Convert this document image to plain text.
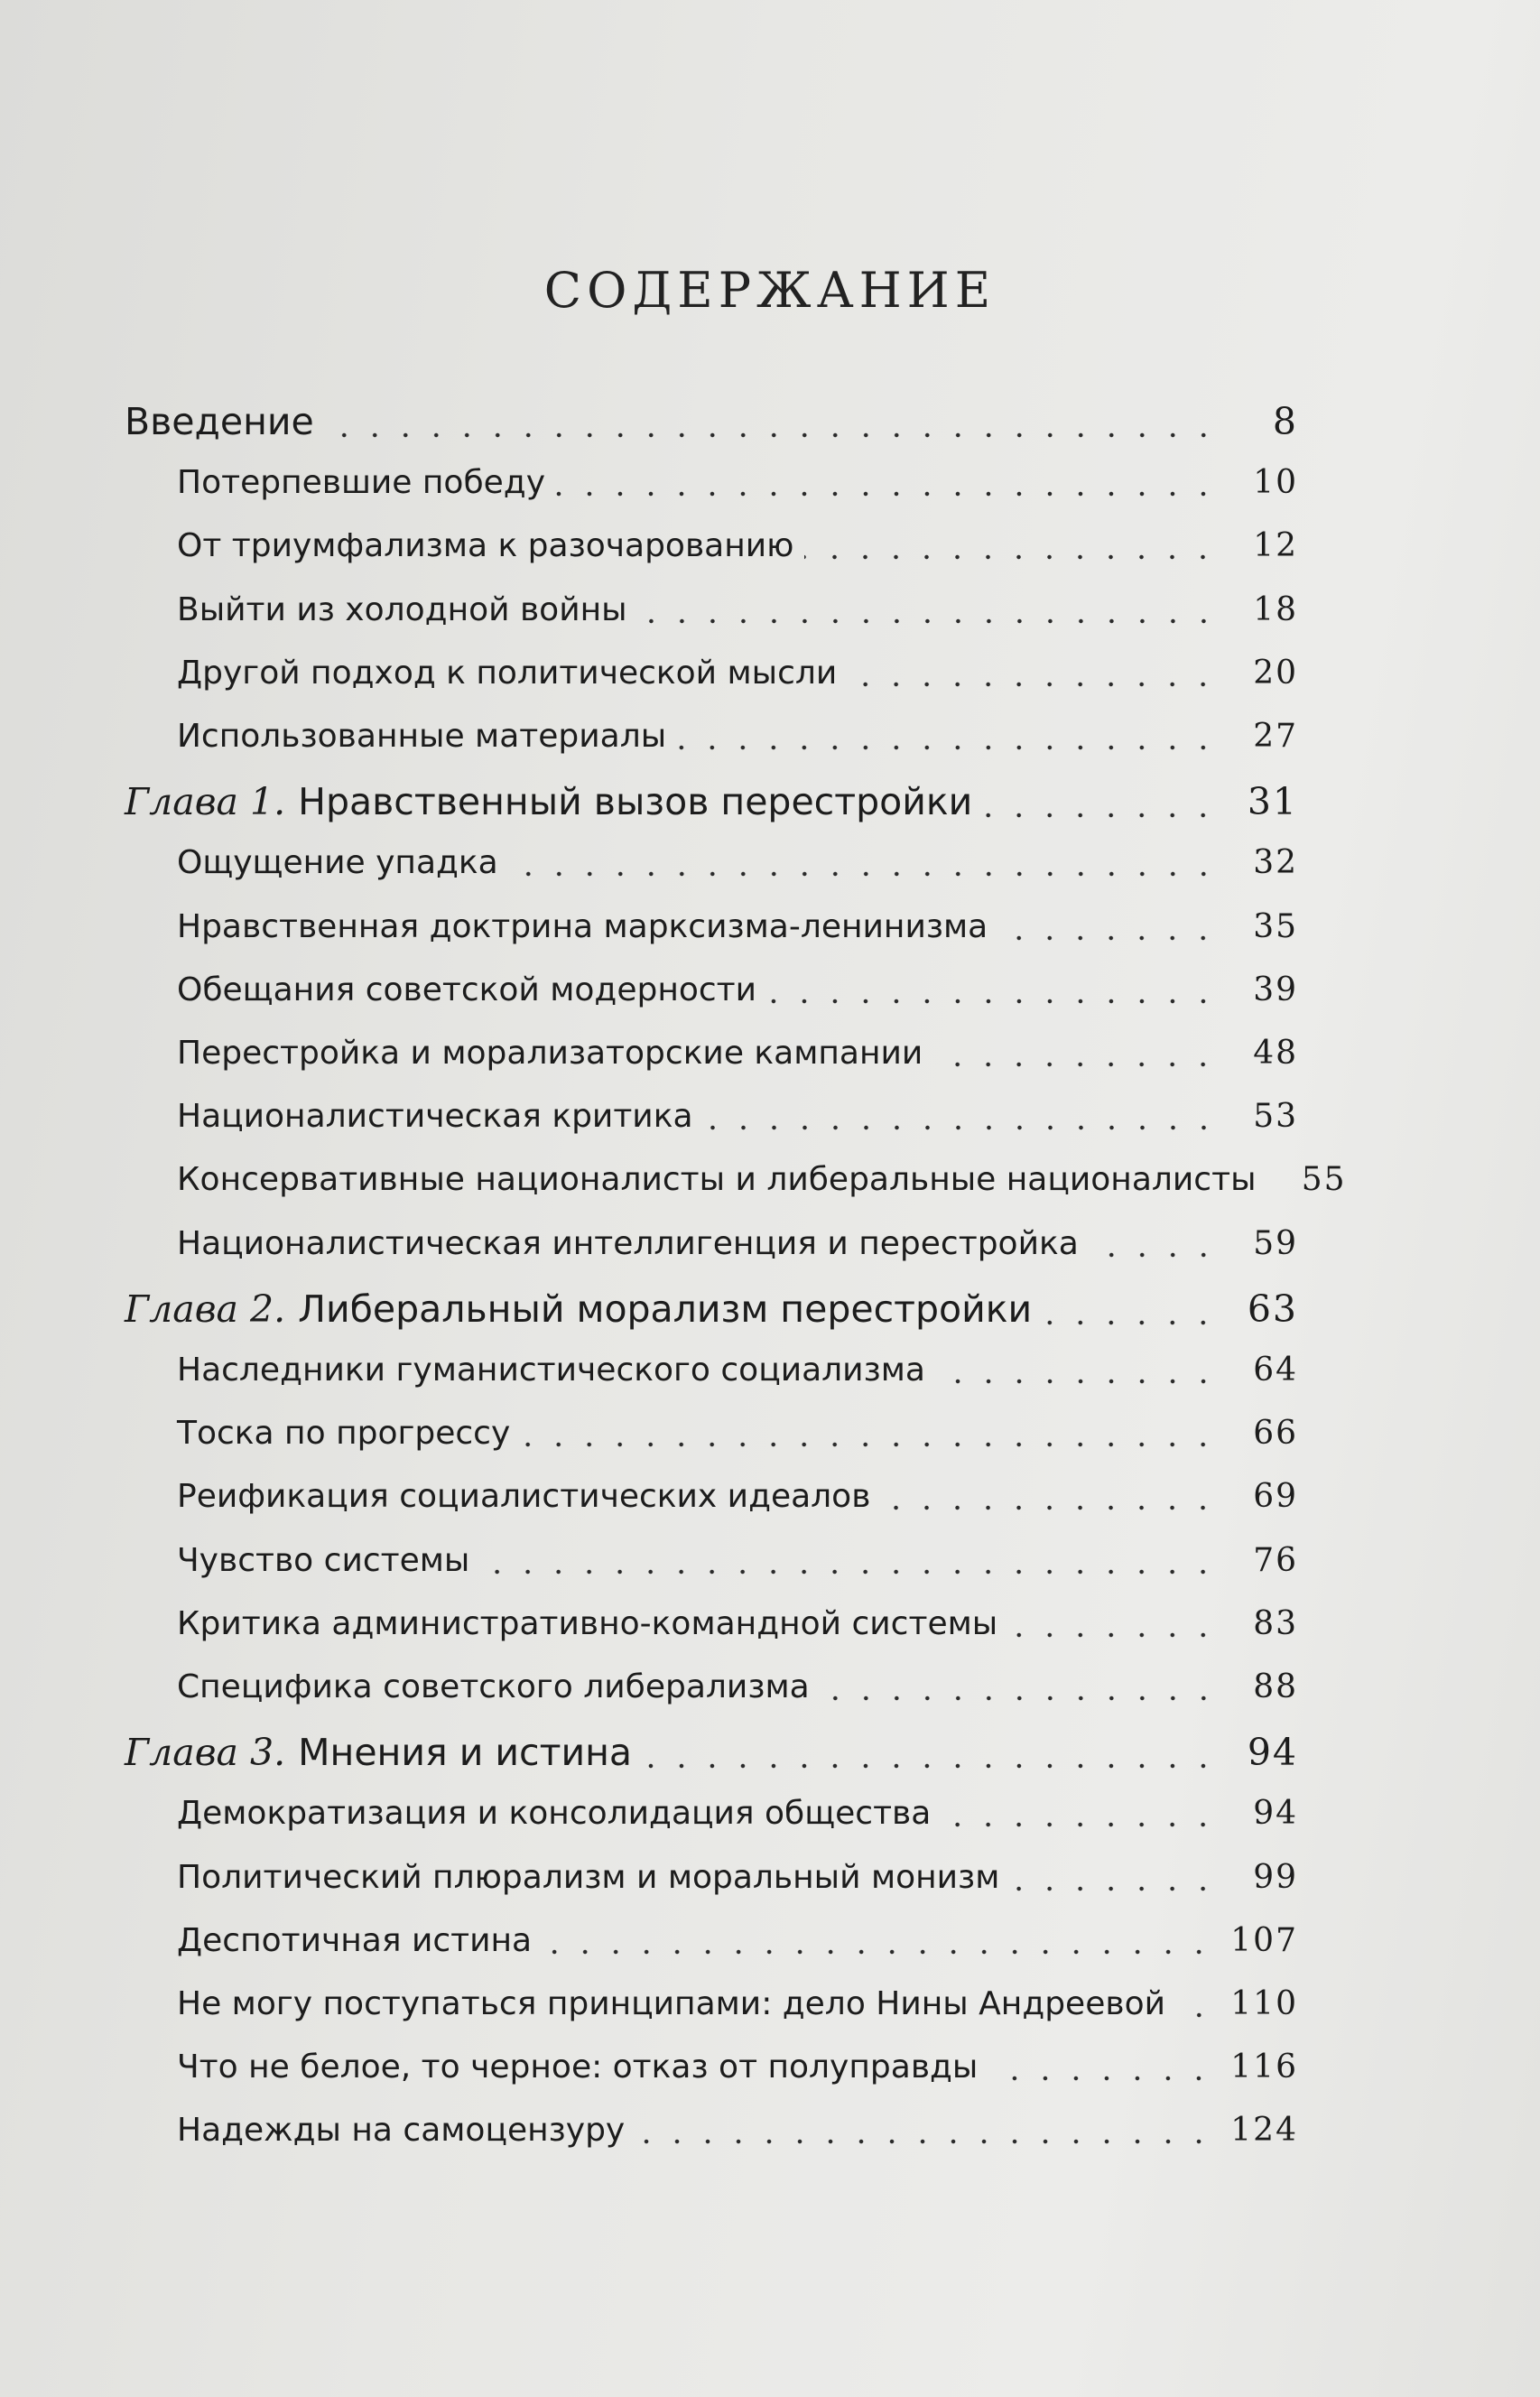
СОДЕРЖАНИЕ
Введение	8
Потерпевшие победу	10
От триумфализма к разочарованию	12
Выйти из холодной войны	18
Другой подход к политической мысли	20
Использованные материалы	27
Глава 1. Нравственный вызов перестройки	31
Ощущение упадка	32
Нравственная доктрина марксизма-ленинизма	35
Обещания советской модерности	39
Перестройка и морализаторские кампании	48
Националистическая критика	53
Консервативные националисты и либеральные националисты	55
Националистическая интеллигенция и перестройка	59
Глава 2. Либеральный морализм перестройки	63
Наследники гуманистического социализма	64
Тоска по прогрессу	66
Реификация социалистических идеалов	69
Чувство системы	76
Критика административно-командной системы	83
Специфика советского либерализма	88
Глава 3. Мнения и истина	94
Демократизация и консолидация общества	94
Политический плюрализм и моральный монизм	99
Деспотичная истина	107
Не могу поступаться принципами: дело Нины Андреевой 110
Что не белое, то черное: отказ от полуправды	116
Надежды на самоцензуру	124
